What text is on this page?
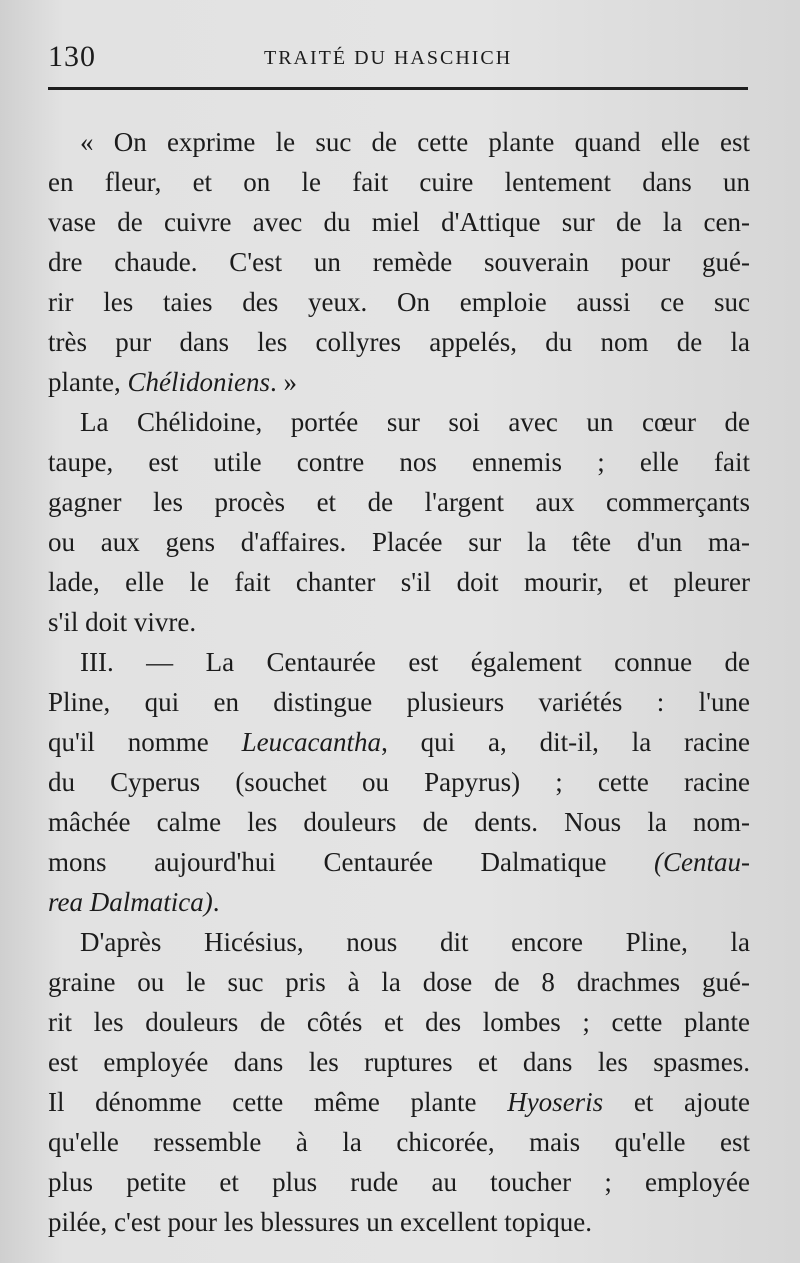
130	TRAITÉ DU HASCHICH
« On exprime le suc de cette plante quand elle est
en fleur, et on le fait cuire lentement dans un
vase de cuivre avec du miel d'Attique sur de la cen-
dre chaude. C'est un remède souverain pour gué-
rir les taies des yeux. On emploie aussi ce suc
très pur dans les collyres appelés, du nom de la
plante, Chélidoniens. »
La Chélidoine, portée sur soi avec un cœur de
taupe, est utile contre nos ennemis ; elle fait
gagner les procès et de l'argent aux commerçants
ou aux gens d'affaires. Placée sur la tête d'un ma-
lade, elle le fait chanter s'il doit mourir, et pleurer
s'il doit vivre.
III. — La Centaurée est également connue de
Pline, qui en distingue plusieurs variétés : l'une
qu'il nomme Leucacantha, qui a, dit-il, la racine
du Cyperus (souchet ou Papyrus) ; cette racine
mâchée calme les douleurs de dents. Nous la nom-
mons aujourd'hui Centaurée Dalmatique (Centau-
rea Dalmatica).
D'après Hicésius, nous dit encore Pline, la
graine ou le suc pris à la dose de 8 drachmes gué-
rit les douleurs de côtés et des lombes ; cette plante
est employée dans les ruptures et dans les spasmes.
Il dénomme cette même plante Hyoseris et ajoute
qu'elle ressemble à la chicorée, mais qu'elle est
plus petite et plus rude au toucher ; employée
pilée, c'est pour les blessures un excellent topique.
